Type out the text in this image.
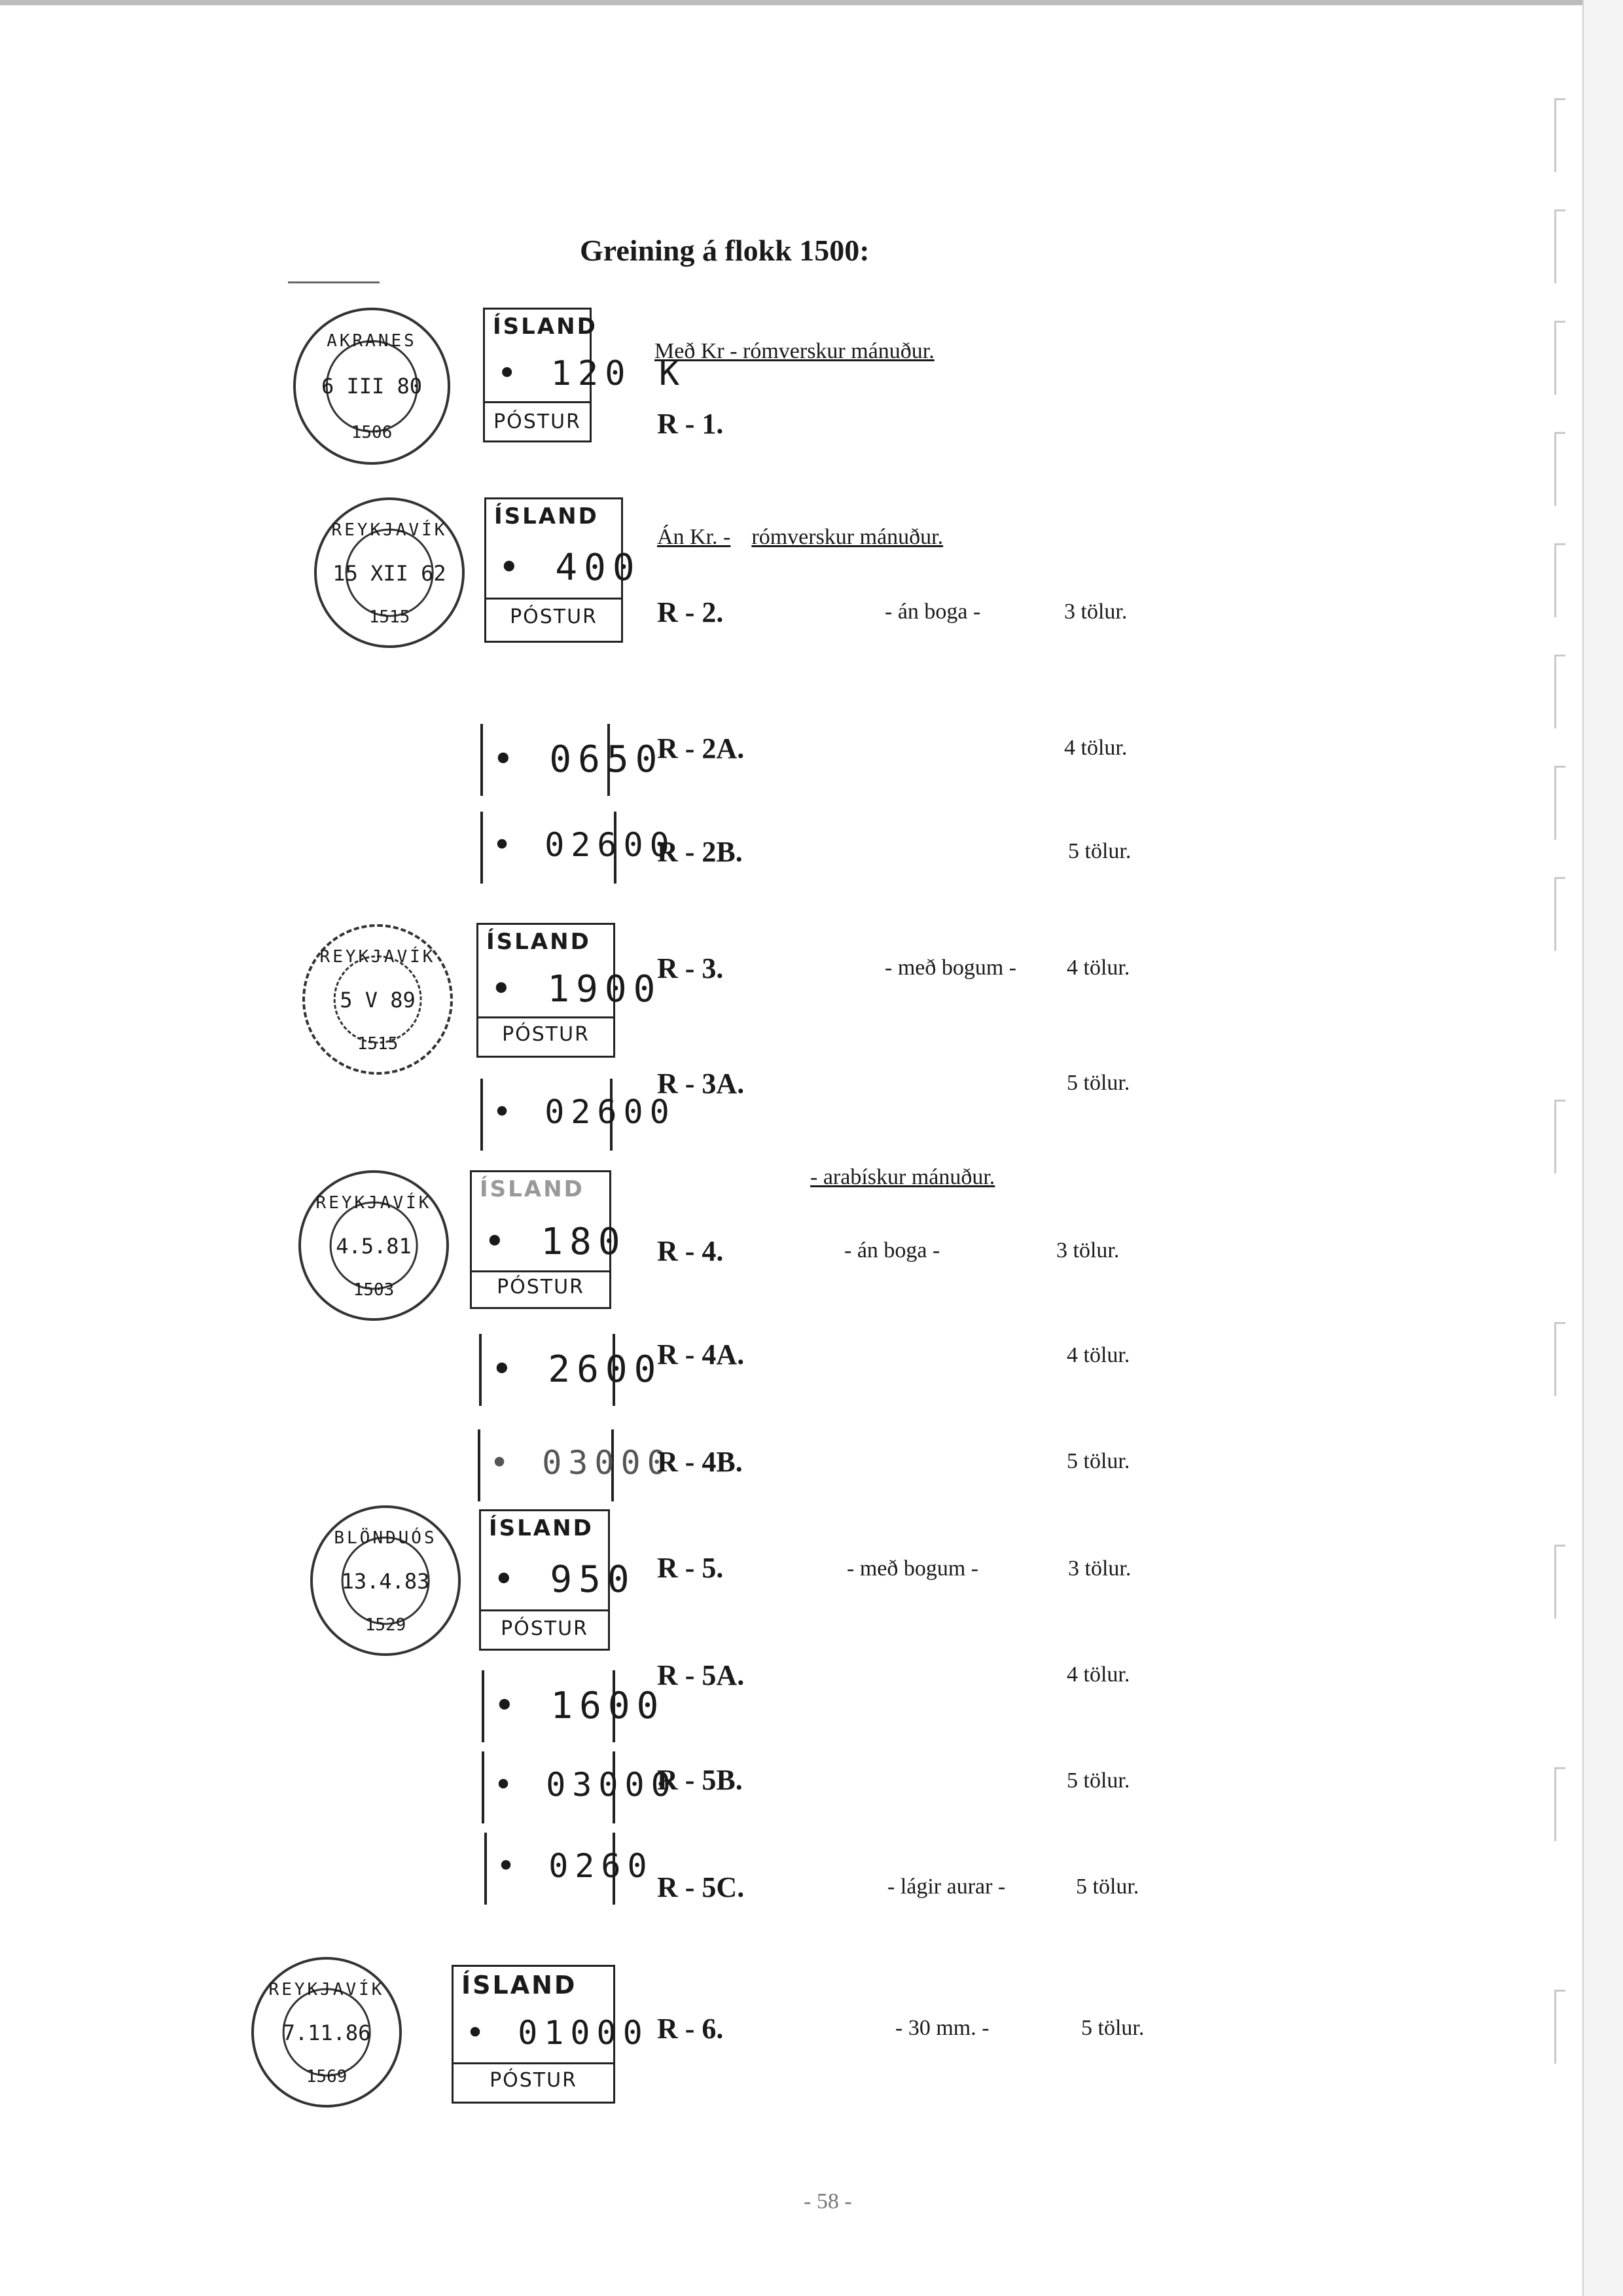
Greining á flokk 1500:
AKRANES
6 III 80
1506
ÍSLAND
• 120 K
PÓSTUR
Með Kr - rómverskur mánuður.
R - 1.
REYKJAVÍK
15 XII 62
1515
ÍSLAND
• 400
PÓSTUR
Án Kr. - rómverskur mánuður.
R - 2.	- án boga -	3 tölur.
• 0650
R - 2A.	4 tölur.
• 02600
R - 2B.	5 tölur.
REYKJAVÍK
5 V 89
1515
ÍSLAND
• 1900
PÓSTUR
R - 3.	- með bogum - 4 tölur.
• 02600
R - 3A.	5 tölur.
- arabískur mánuður.
REYKJAVÍK
4.5.81
1503
ÍSLAND
• 180
PÓSTUR
R - 4.	- án boga -	3 tölur.
• 2600
R - 4A.	4 tölur.
• 03000
R - 4B.	5 tölur.
BLÖNDUÓS
13.4.83
1529
ÍSLAND
• 950
PÓSTUR
R - 5.	- með bogum -	3 tölur.
• 1600
R - 5A.	4 tölur.
• 03000
R - 5B.	5 tölur.
• 0260
R - 5C.	- lágir aurar -	5 tölur.
REYKJAVÍK
7.11.86
1569
ÍSLAND
• 01000
PÓSTUR
R - 6.	- 30 mm. -	5 tölur.
- 58 -
